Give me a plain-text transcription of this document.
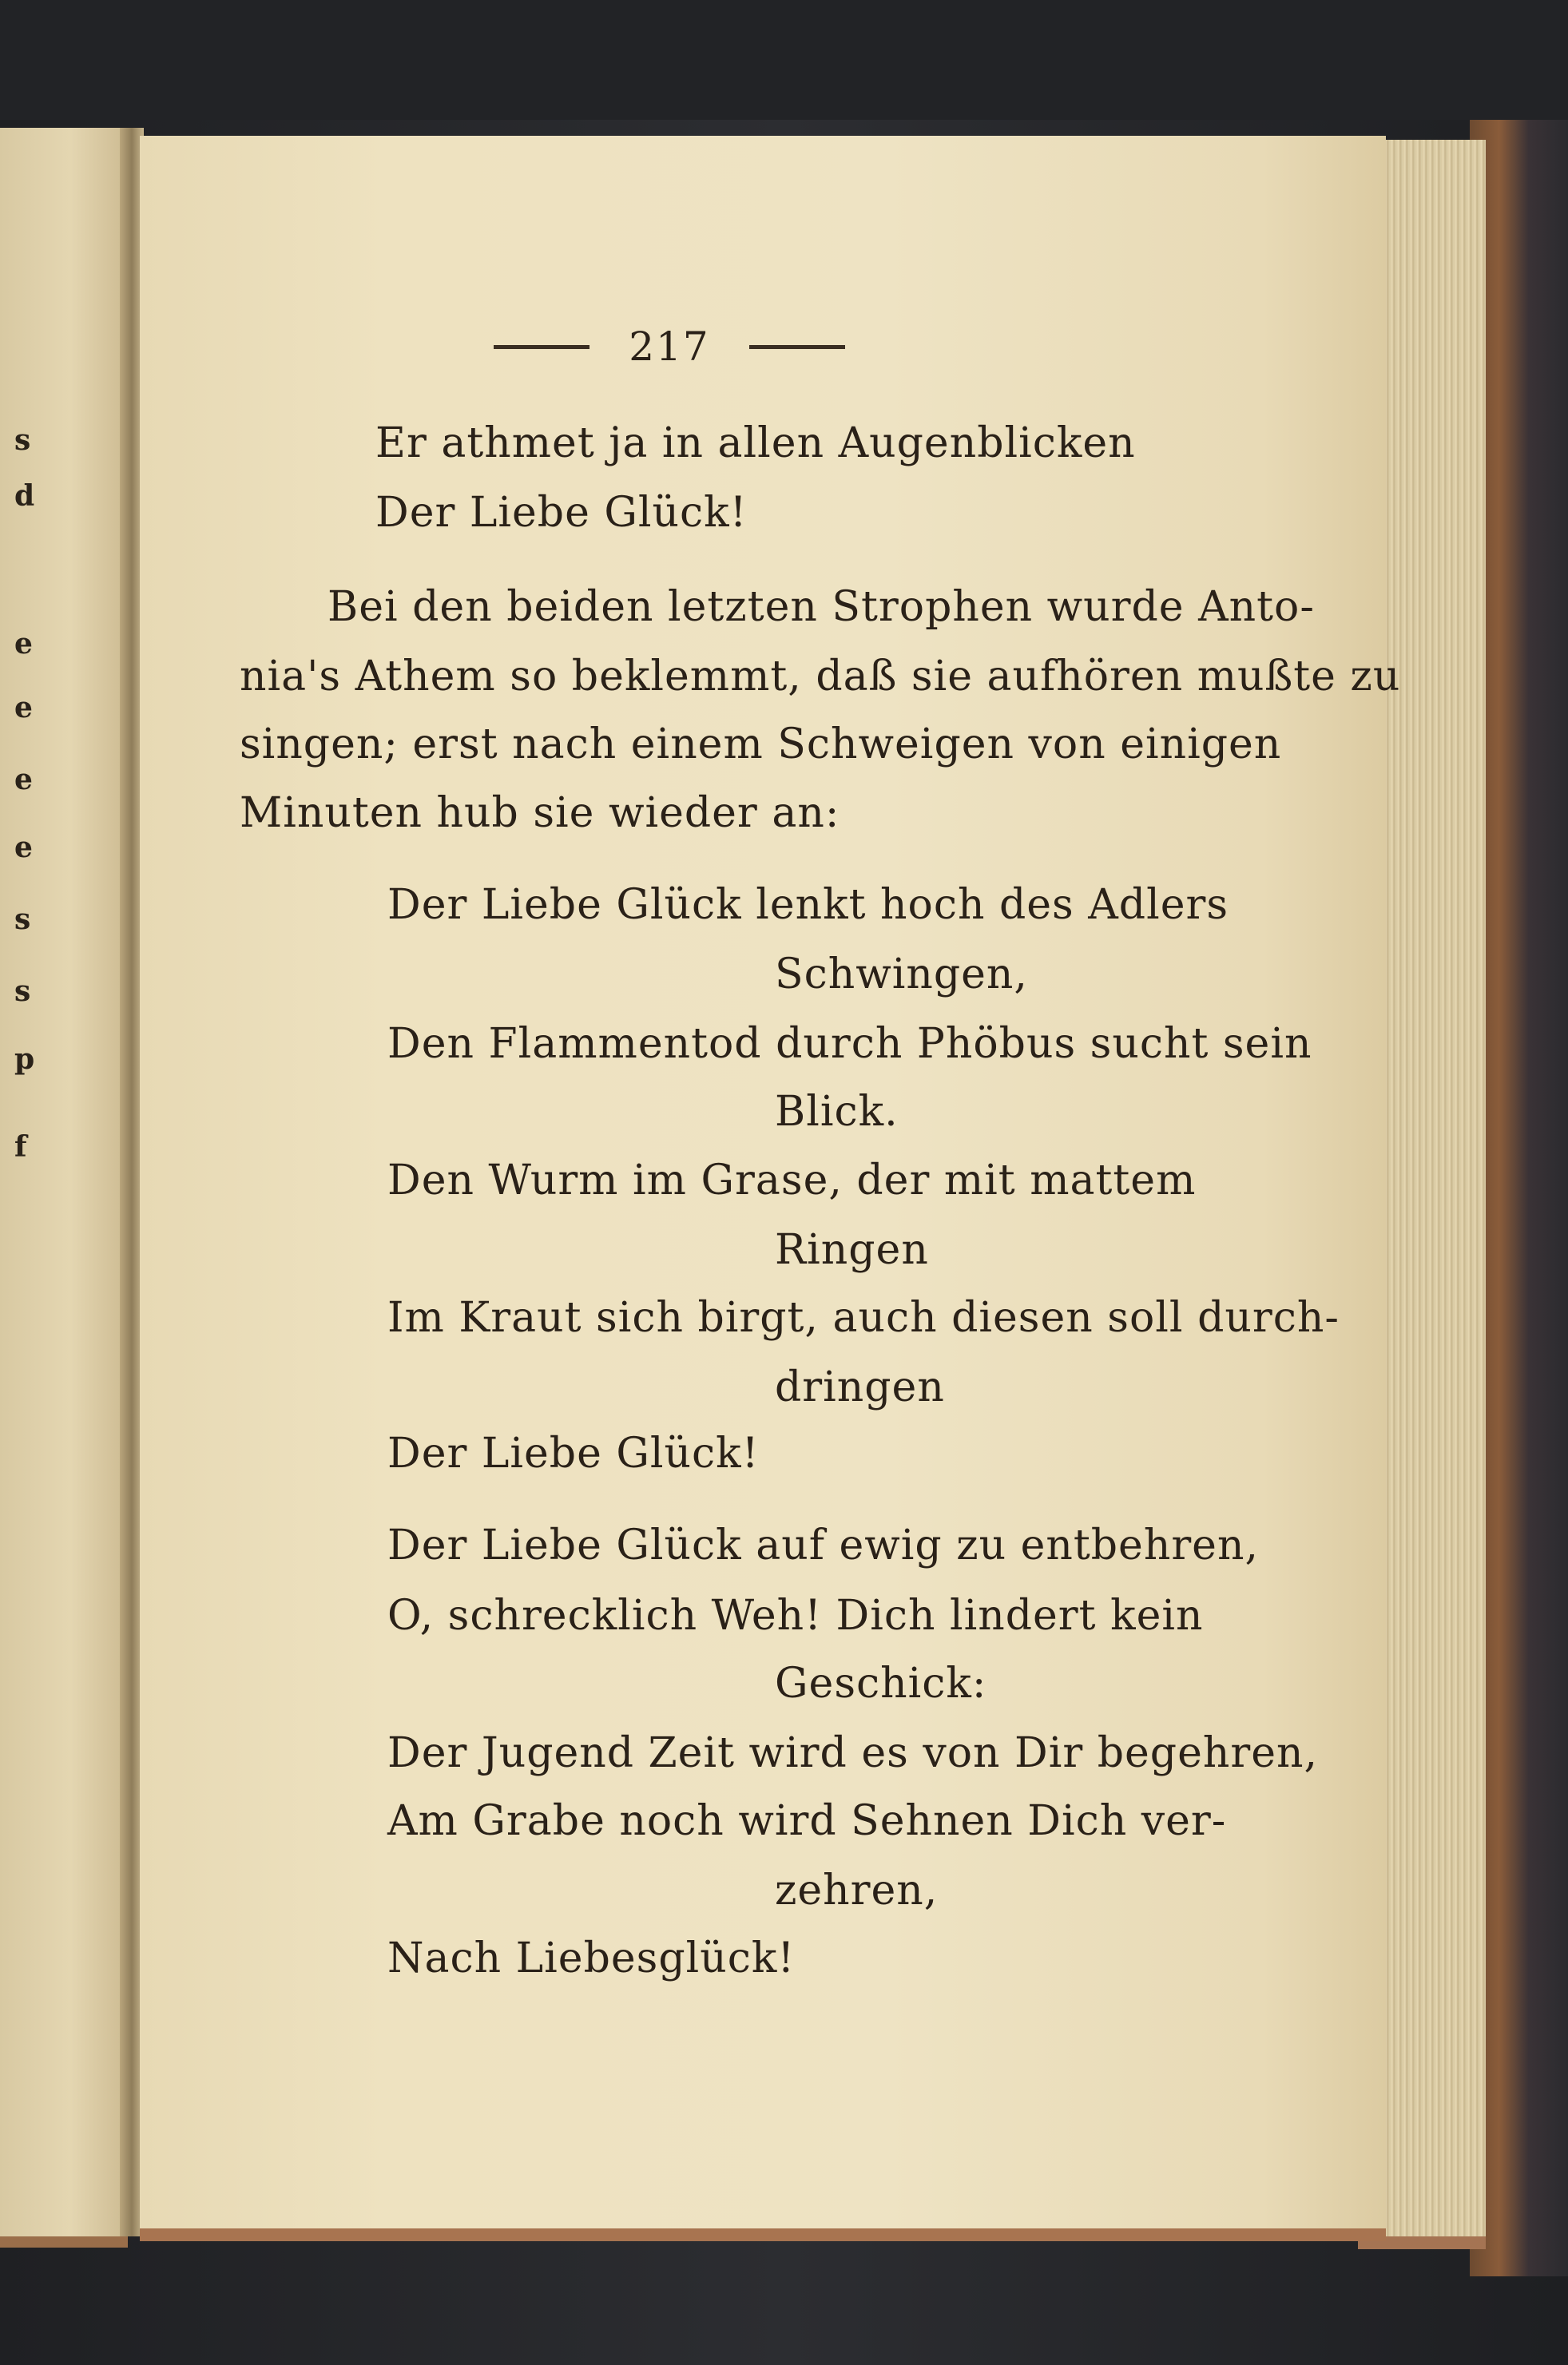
s
d
e
e
e
e
s
s
p
f
217
Er athmet ja in allen Augenblicken
Der Liebe Glück!
Bei den beiden letzten Strophen wurde Anto-
nia's Athem so beklemmt, daß sie aufhören mußte zu
singen; erst nach einem Schweigen von einigen
Minuten hub sie wieder an:
Der Liebe Glück lenkt hoch des Adlers
Schwingen,
Den Flammentod durch Phöbus sucht sein
Blick.
Den Wurm im Grase, der mit mattem
Ringen
Im Kraut sich birgt, auch diesen soll durch-
dringen
Der Liebe Glück!
Der Liebe Glück auf ewig zu entbehren,
O, schrecklich Weh! Dich lindert kein
Geschick:
Der Jugend Zeit wird es von Dir begehren,
Am Grabe noch wird Sehnen Dich ver-
zehren,
Nach Liebesglück!
